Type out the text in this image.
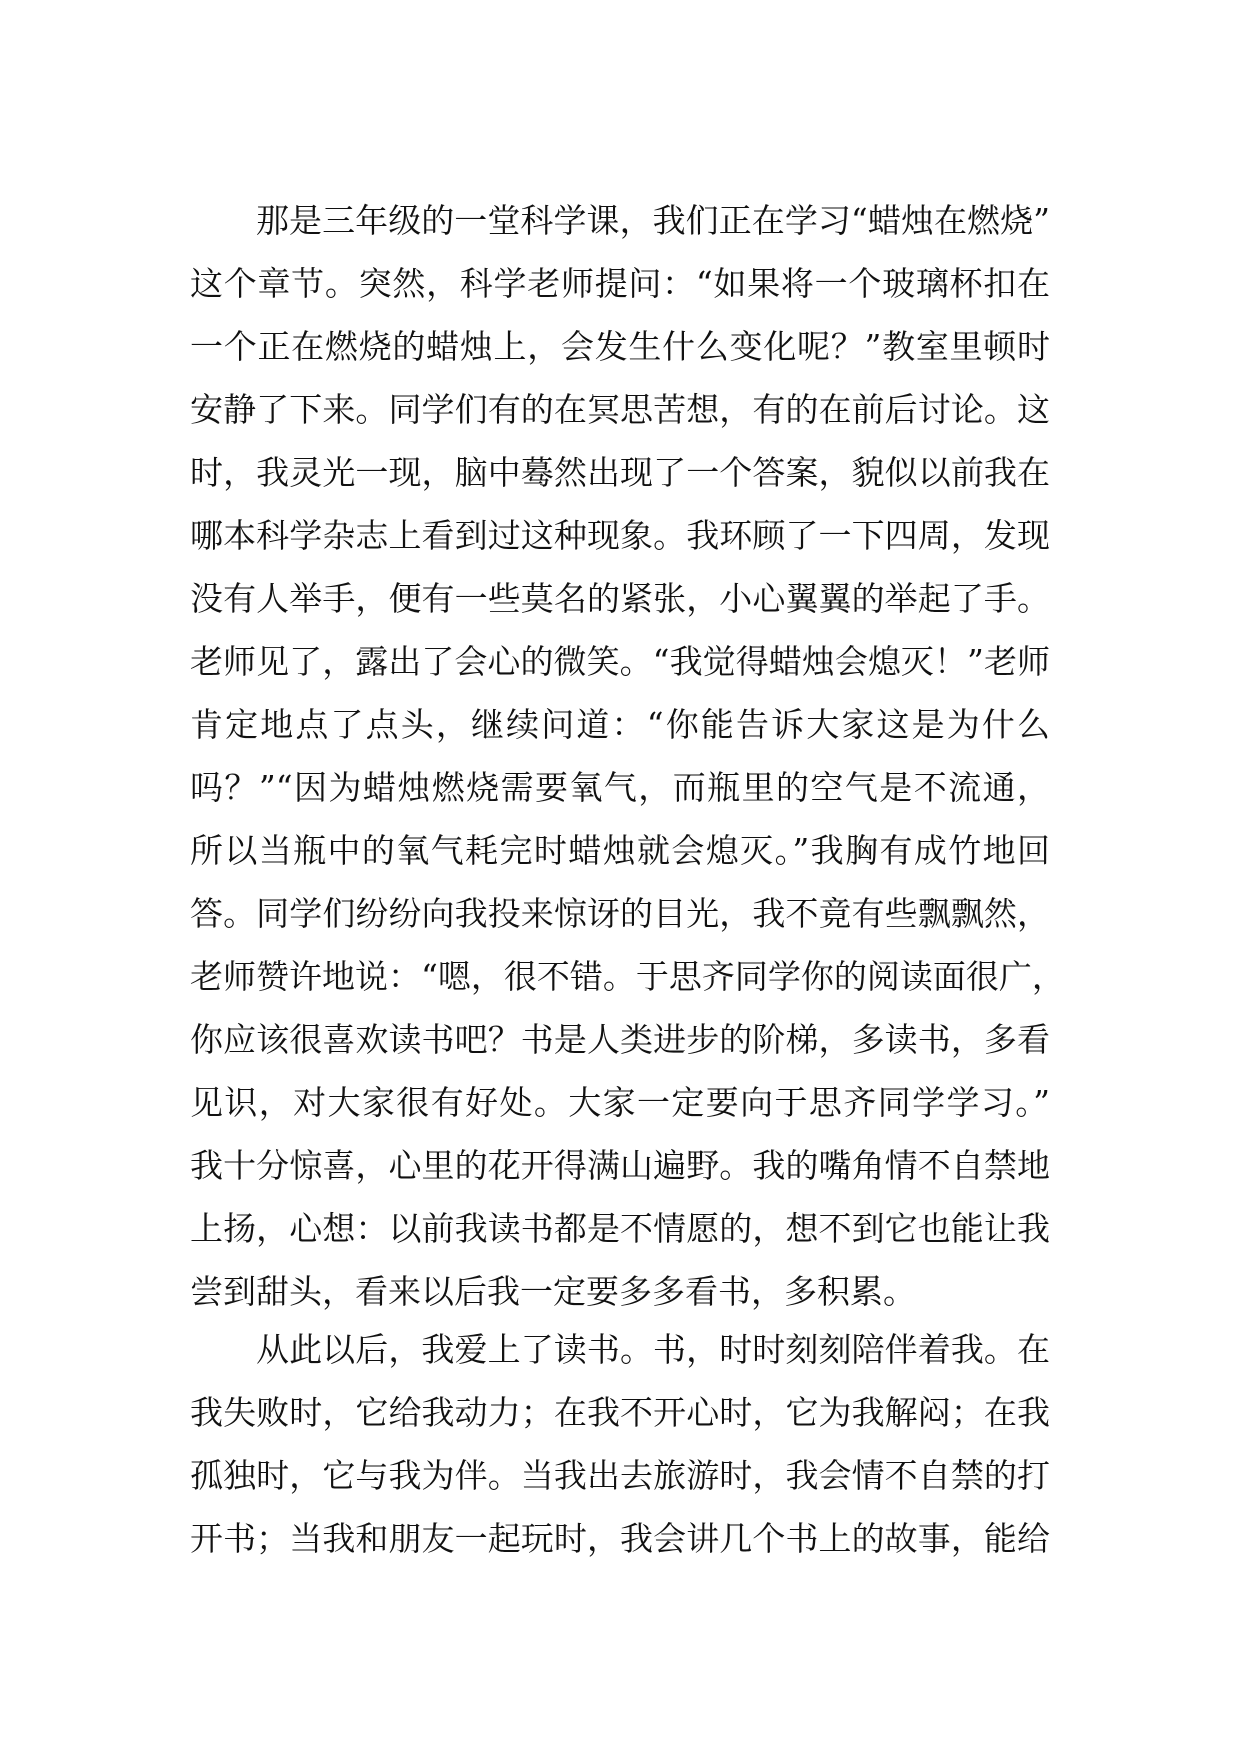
那是三年级的一堂科学课，我们正在学习“蜡烛在燃烧”
这个章节。突然，科学老师提问：“如果将一个玻璃杯扣在
一个正在燃烧的蜡烛上，会发生什么变化呢？”教室里顿时
安静了下来。同学们有的在冥思苦想，有的在前后讨论。这
时，我灵光一现，脑中蓦然出现了一个答案，貌似以前我在
哪本科学杂志上看到过这种现象。我环顾了一下四周，发现
没有人举手，便有一些莫名的紧张，小心翼翼的举起了手。
老师见了，露出了会心的微笑。“我觉得蜡烛会熄灭！”老师
肯定地点了点头，继续问道：“你能告诉大家这是为什么
吗？”“因为蜡烛燃烧需要氧气，而瓶里的空气是不流通，
所以当瓶中的氧气耗完时蜡烛就会熄灭。”我胸有成竹地回
答。同学们纷纷向我投来惊讶的目光，我不竟有些飘飘然，
老师赞许地说：“嗯，很不错。于思齐同学你的阅读面很广，
你应该很喜欢读书吧？书是人类进步的阶梯，多读书，多看
见识，对大家很有好处。大家一定要向于思齐同学学习。”
我十分惊喜，心里的花开得满山遍野。我的嘴角情不自禁地
上扬，心想：以前我读书都是不情愿的，想不到它也能让我
尝到甜头，看来以后我一定要多多看书，多积累。
从此以后，我爱上了读书。书，时时刻刻陪伴着我。在
我失败时，它给我动力；在我不开心时，它为我解闷；在我
孤独时，它与我为伴。当我出去旅游时，我会情不自禁的打
开书；当我和朋友一起玩时，我会讲几个书上的故事，能给
